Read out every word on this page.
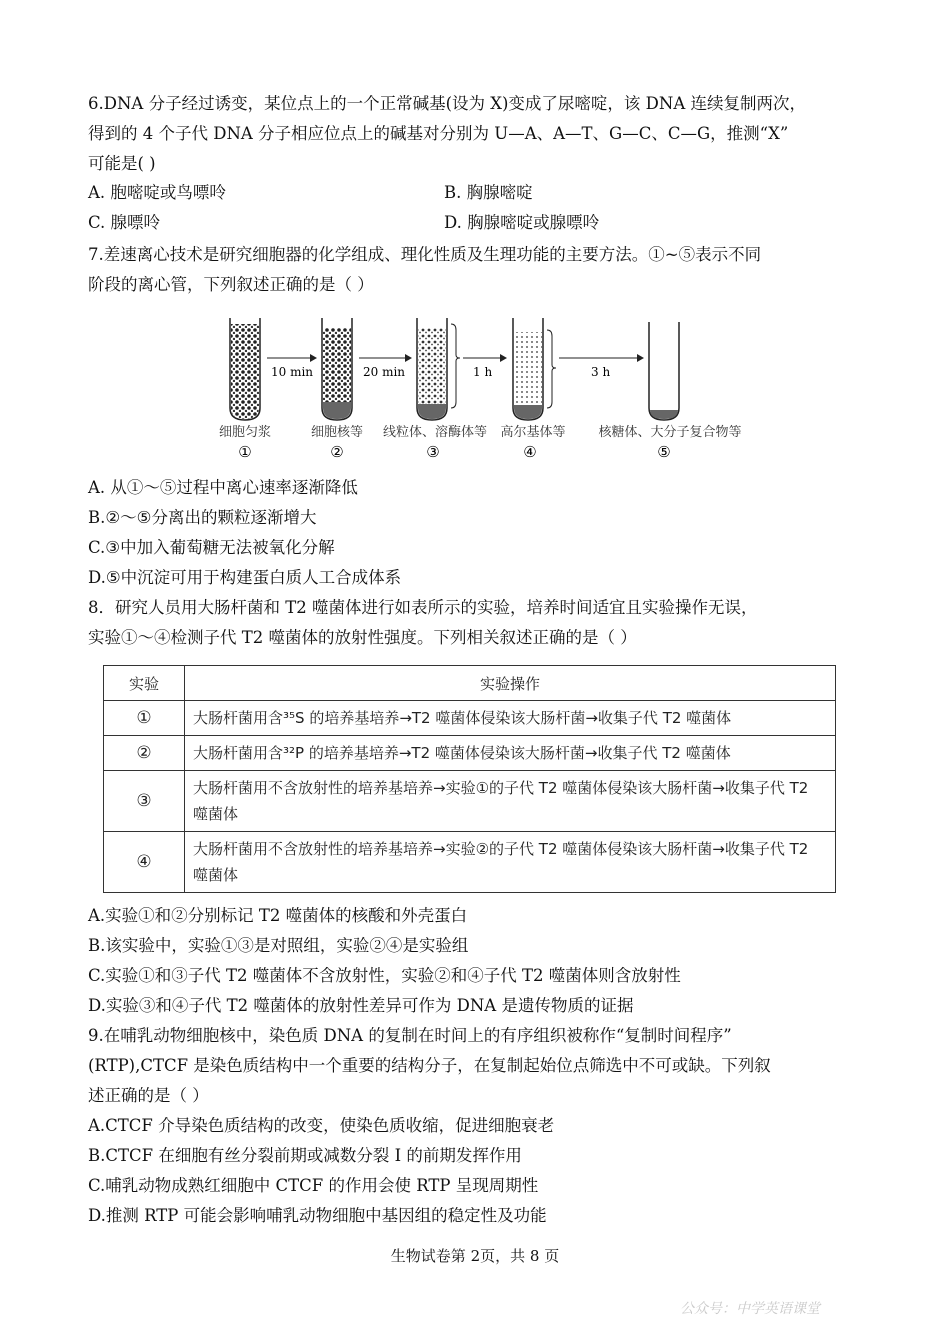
6.DNA 分子经过诱变，某位点上的一个正常碱基(设为 X)变成了尿嘧啶，该 DNA 连续复制两次，
得到的 4 个子代 DNA 分子相应位点上的碱基对分别为 U—A、A—T、G—C、C—G，推测“X”
可能是( )
A. 胞嘧啶或鸟嘌呤	B. 胸腺嘧啶
C. 腺嘌呤	D. 胸腺嘧啶或腺嘌呤
7.差速离心技术是研究细胞器的化学组成、理化性质及生理功能的主要方法。①~⑤表示不同
阶段的离心管，下列叙述正确的是（ ）
10 min	20 min	1 h	3 h
细胞匀浆	细胞核等 线粒体、溶酶体等 高尔基体等	核糖体、大分子复合物等
①	②	③	④	⑤
A. 从①～⑤过程中离心速率逐渐降低
B.②～⑤分离出的颗粒逐渐增大
C.③中加入葡萄糖无法被氧化分解
D.⑤中沉淀可用于构建蛋白质人工合成体系
8．研究人员用大肠杆菌和 T2 噬菌体进行如表所示的实验，培养时间适宜且实验操作无误，
实验①～④检测子代 T2 噬菌体的放射性强度。下列相关叙述正确的是（ ）
实验	实验操作
①	大肠杆菌用含³⁵S 的培养基培养→T2 噬菌体侵染该大肠杆菌→收集子代 T2 噬菌体
②	大肠杆菌用含³²P 的培养基培养→T2 噬菌体侵染该大肠杆菌→收集子代 T2 噬菌体
③	大肠杆菌用不含放射性的培养基培养→实验①的子代 T2 噬菌体侵染该大肠杆菌→收集子代 T2 噬菌体
④	大肠杆菌用不含放射性的培养基培养→实验②的子代 T2 噬菌体侵染该大肠杆菌→收集子代 T2 噬菌体
A.实验①和②分别标记 T2 噬菌体的核酸和外壳蛋白
B.该实验中，实验①③是对照组，实验②④是实验组
C.实验①和③子代 T2 噬菌体不含放射性，实验②和④子代 T2 噬菌体则含放射性
D.实验③和④子代 T2 噬菌体的放射性差异可作为 DNA 是遗传物质的证据
9.在哺乳动物细胞核中，染色质 DNA 的复制在时间上的有序组织被称作“复制时间程序”
(RTP),CTCF 是染色质结构中一个重要的结构分子，在复制起始位点筛选中不可或缺。下列叙
述正确的是（ ）
A.CTCF 介导染色质结构的改变，使染色质收缩，促进细胞衰老
B.CTCF 在细胞有丝分裂前期或减数分裂 I 的前期发挥作用
C.哺乳动物成熟红细胞中 CTCF 的作用会使 RTP 呈现周期性
D.推测 RTP 可能会影响哺乳动物细胞中基因组的稳定性及功能
生物试卷第 2页，共 8 页
公众号：中学英语课堂
